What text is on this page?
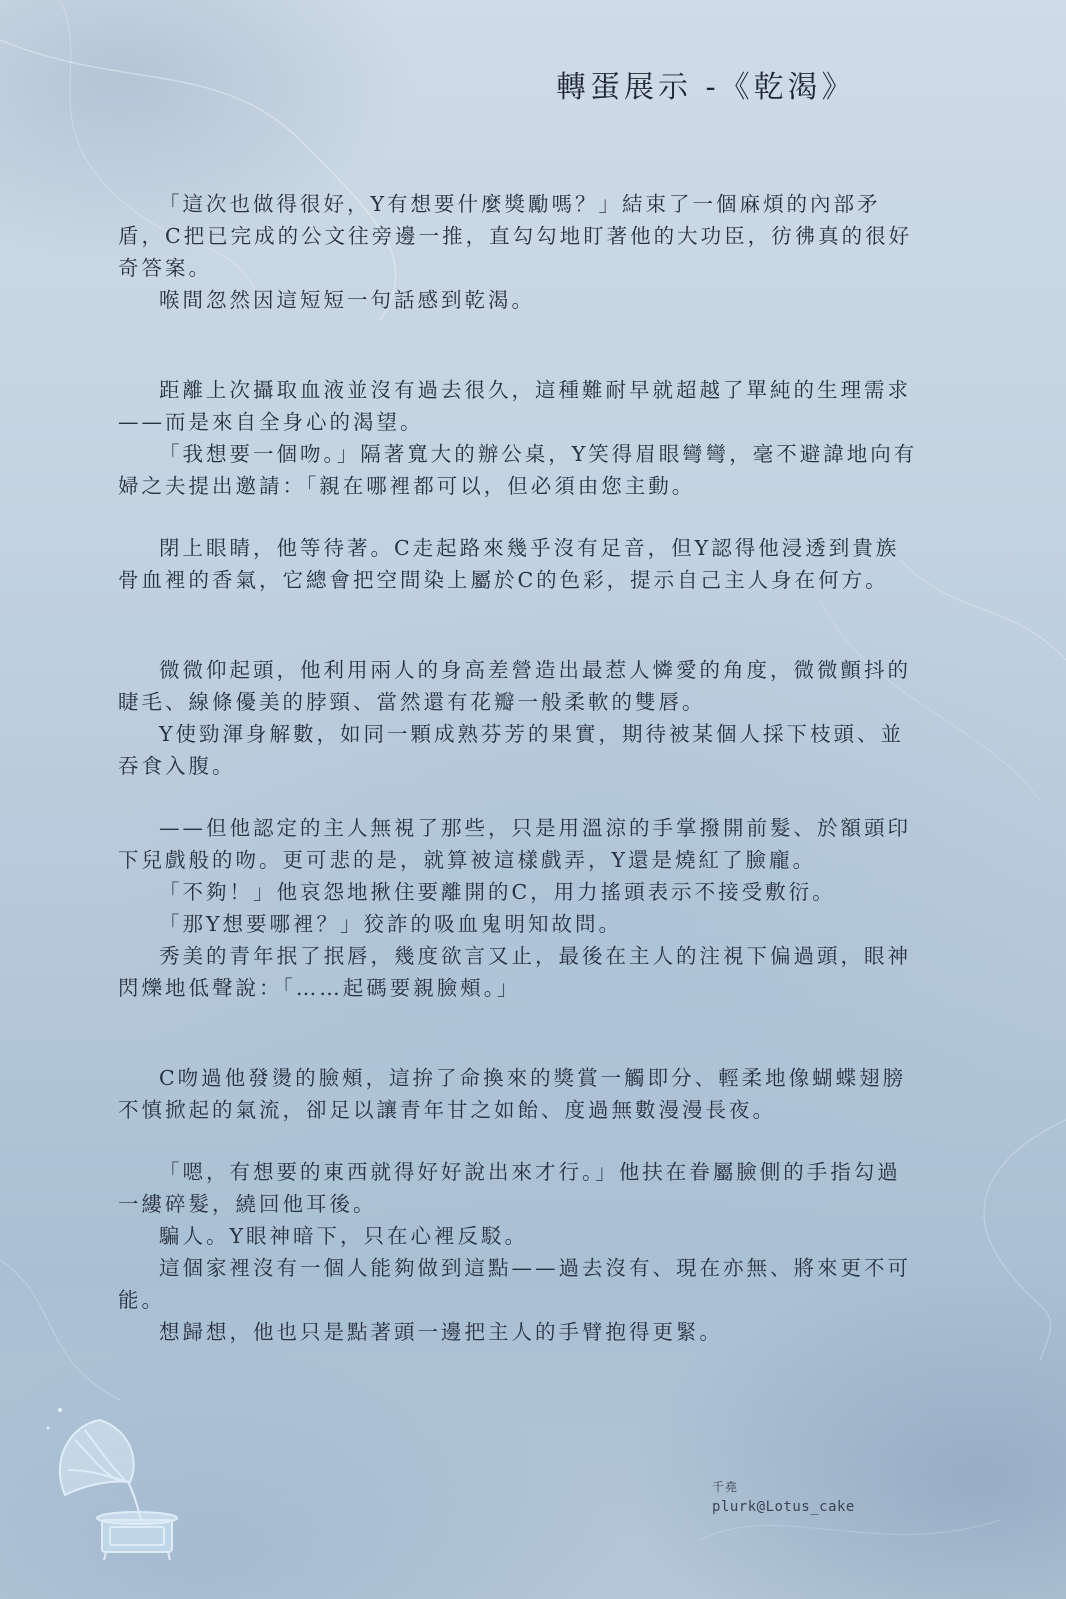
轉蛋展示 -《乾渴》

「這次也做得很好，Y有想要什麼獎勵嗎？」結束了一個麻煩的內部矛盾，C把已完成的公文往旁邊一推，直勾勾地盯著他的大功臣，彷彿真的很好奇答案。

喉間忽然因這短短一句話感到乾渴。

距離上次攝取血液並沒有過去很久，這種難耐早就超越了單純的生理需求——而是來自全身心的渴望。

「我想要一個吻。」隔著寬大的辦公桌，Y笑得眉眼彎彎，毫不避諱地向有婦之夫提出邀請：「親在哪裡都可以，但必須由您主動。

閉上眼睛，他等待著。C走起路來幾乎沒有足音，但Y認得他浸透到貴族骨血裡的香氣，它總會把空間染上屬於C的色彩，提示自己主人身在何方。

微微仰起頭，他利用兩人的身高差營造出最惹人憐愛的角度，微微顫抖的睫毛、線條優美的脖頸、當然還有花瓣一般柔軟的雙唇。

Y使勁渾身解數，如同一顆成熟芬芳的果實，期待被某個人採下枝頭、並吞食入腹。

——但他認定的主人無視了那些，只是用溫涼的手掌撥開前髮、於額頭印下兒戲般的吻。更可悲的是，就算被這樣戲弄，Y還是燒紅了臉龐。

「不夠！」他哀怨地揪住要離開的C，用力搖頭表示不接受敷衍。

「那Y想要哪裡？」狡詐的吸血鬼明知故問。

秀美的青年抿了抿唇，幾度欲言又止，最後在主人的注視下偏過頭，眼神閃爍地低聲說：「……起碼要親臉頰。」

C吻過他發燙的臉頰，這拚了命換來的獎賞一觸即分、輕柔地像蝴蝶翅膀不慎掀起的氣流，卻足以讓青年甘之如飴、度過無數漫漫長夜。

「嗯，有想要的東西就得好好說出來才行。」他扶在眷屬臉側的手指勾過一縷碎髮，繞回他耳後。

騙人。Y眼神暗下，只在心裡反駁。

這個家裡沒有一個人能夠做到這點——過去沒有、現在亦無、將來更不可能。

想歸想，他也只是點著頭一邊把主人的手臂抱得更緊。

千堯
plurk@Lotus_cake
